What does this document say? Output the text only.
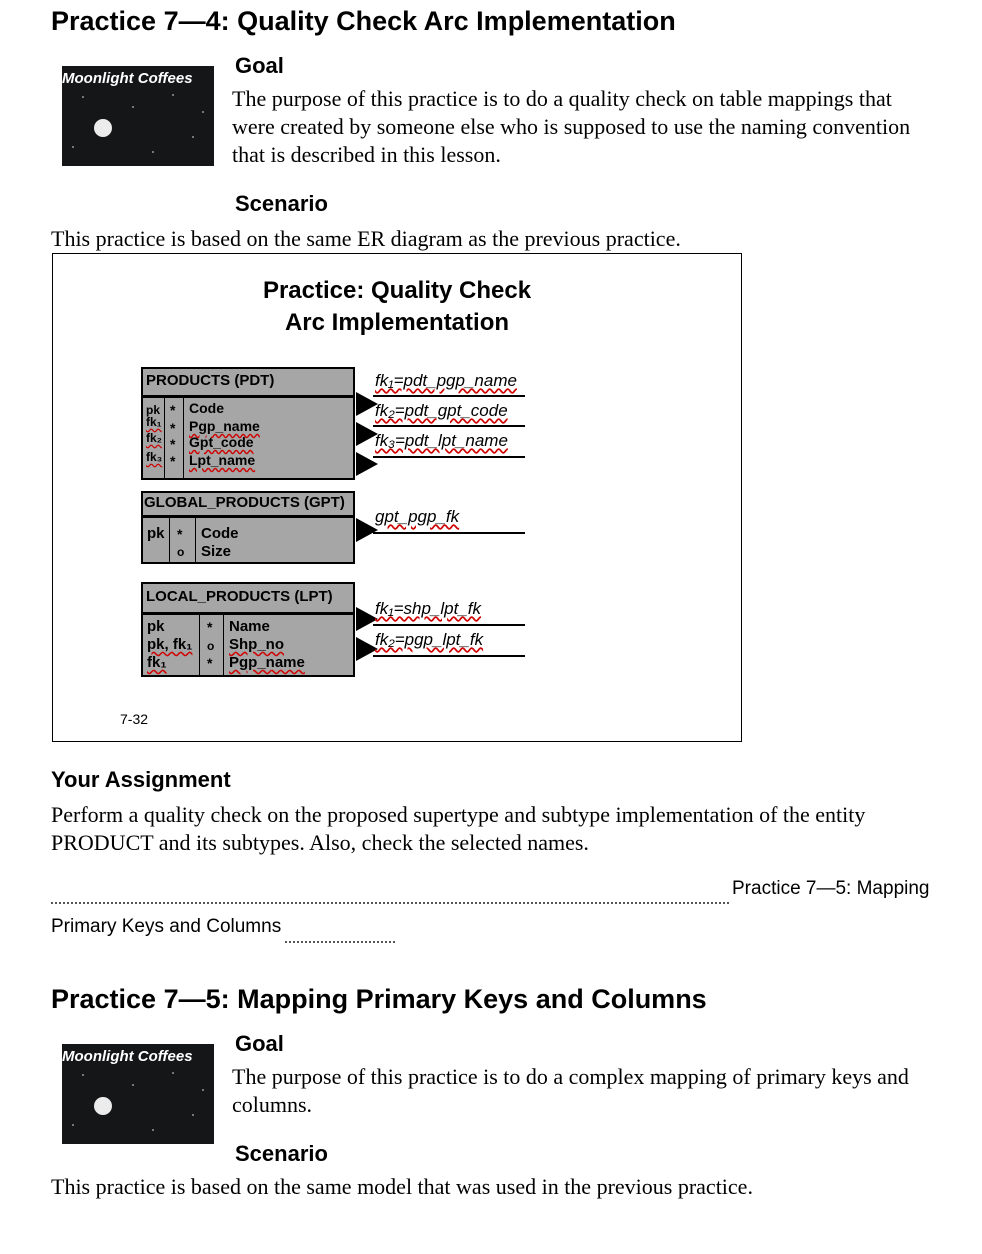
Practice 7—4: Quality Check Arc Implementation
Moonlight Coffees
Goal
The purpose of this practice is to do a quality check on table mappings that
were created by someone else who is supposed to use the naming convention
that is described in this lesson.
Scenario
This practice is based on the same ER diagram as the previous practice.
Practice: Quality Check
Arc Implementation
PRODUCTS (PDT)
pk
fk₁
fk₂
fk₃
*
*
*
*
Code
Pgp_name
Gpt_code
Lpt_name
fk₁=pdt_pgp_name
fk₂=pdt_gpt_code
fk₃=pdt_lpt_name
GLOBAL_PRODUCTS (GPT)
pk *
o
Code
Size
gpt_pgp_fk
LOCAL_PRODUCTS (LPT)
pk
pk, fk₁
fk₁
*
o
*
Name
Shp_no
Pgp_name
fk₁=shp_lpt_fk
fk₂=pgp_lpt_fk
7-32
Your Assignment
Perform a quality check on the proposed supertype and subtype implementation of the entity
PRODUCT and its subtypes. Also, check the selected names.
Practice 7—5: Mapping
Primary Keys and Columns
Practice 7—5: Mapping Primary Keys and Columns
Moonlight Coffees
Goal
The purpose of this practice is to do a complex mapping of primary keys and
columns.
Scenario
This practice is based on the same model that was used in the previous practice.
